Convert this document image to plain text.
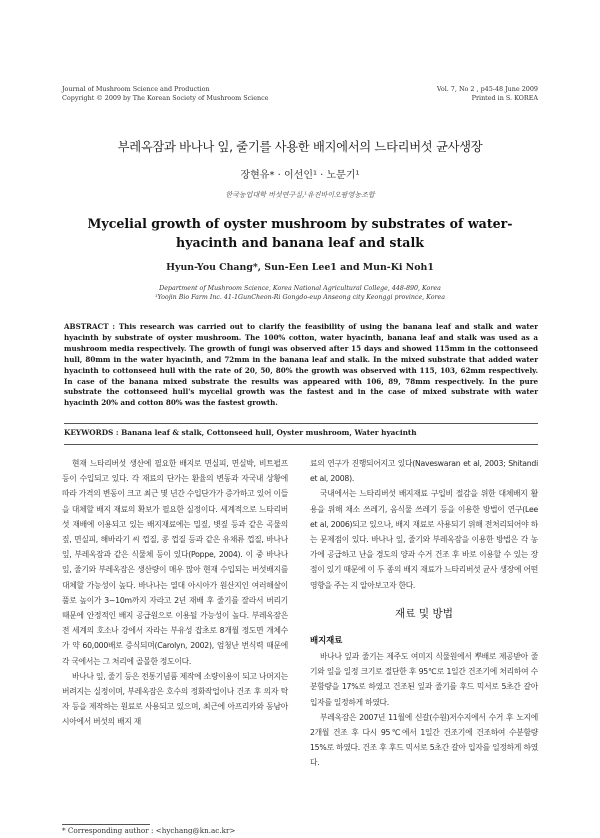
Journal of Mushroom Science and Production
Copyright © 2009 by The Korean Society of Mushroom Science
Vol. 7, No 2 , p45-48 June 2009
Printed in S. KOREA
부레옥잠과 바나나 잎, 줄기를 사용한 배지에서의 느타리버섯 균사생장
장현유* · 이선인¹ · 노문기¹
한국농업대학 버섯연구실,¹유진바이오팜영농조합
Mycelial growth of oyster mushroom by substrates of water-hyacinth and banana leaf and stalk
Hyun-You Chang*, Sun-Een Lee1 and Mun-Ki Noh1
Department of Mushroom Science, Korea National Agricultural College, 448-890, Korea
¹Yoojin Bio Farm Inc. 41-1GunCheon-Ri Gongdo-eup Anseong city Keonggi province, Korea
ABSTRACT : This research was carried out to clarify the feasibility of using the banana leaf and stalk and water hyacinth by substrate of oyster mushroom. The 100% cotton, water hyacinth, banana leaf and stalk was used as a mushroom media respectively. The growth of fungi was observed after 15 days and showed 115mm in the cottonseed hull, 80mm in the water hyacinth, and 72mm in the banana leaf and stalk. In the mixed substrate that added water hyacinth to cottonseed hull with the rate of 20, 50, 80% the growth was observed with 115, 103, 62mm respectively. In case of the banana mixed substrate the results was appeared with 106, 89, 78mm respectively. In the pure substrate the cottonseed hull's mycelial growth was the fastest and in the case of mixed substrate with water hyacinth 20% and cotton 80% was the fastest growth.
KEYWORDS : Banana leaf & stalk, Cottonseed hull, Oyster mushroom, Water hyacinth

현재 느타리버섯 생산에 필요한 배지로 면실피, 면실박, 비트펄프 등이 수입되고 있다. 각 재료의 단가는 환율의 변동과 자국내 상황에 따라 가격의 변동이 크고 최근 몇 년간 수입단가가 증가하고 있어 이들을 대체할 배지 재료의 확보가 필요한 실정이다. 세계적으로 느타리버섯 재배에 이용되고 있는 배지재료에는 밀짚, 볏짚 등과 같은 곡물의 짚, 면실피, 해바라기 씨 껍질, 콩 껍질 등과 같은 유채류 껍질, 바나나 잎, 부레옥잠과 같은 식물체 등이 있다(Poppe, 2004). 이 중 바나나 잎, 줄기와 부레옥잠은 생산량이 매우 많아 현재 수입되는 버섯배지를 대체할 가능성이 높다. 바나나는 열대 아시아가 원산지인 여러해살이풀로 높이가 3~10m까지 자라고 2년 재배 후 줄기를 잘라서 버리기 때문에 안정적인 배지 공급원으로 이용될 가능성이 높다. 부레옥잠은 전 세계의 호소나 강에서 자라는 부유성 잡초로 8개월 정도면 개체수가 약 60,000배로 증식되며(Carolyn, 2002), 엄청난 번식력 때문에 각 국에서는 그 처리에 골몰한 정도이다.

바나나 잎, 줄기 등은 전통기념품 제작에 소량이용이 되고 나머지는 버려지는 실정이며, 부레옥잠은 호수의 정화작업이나 건조 후 의자 탁자 등을 제작하는 원료로 사용되고 있으며, 최근에 아프리카와 동남아시아에서 버섯의 배지 재

료의 연구가 진행되어지고 있다(Naveswaran et al, 2003; Shitandi et al, 2008).

국내에서는 느타리버섯 배지재료 구입비 절감을 위한 대체배지 활용을 위해 채소 쓰레기, 음식물 쓰레기 등을 이용한 방법이 연구(Lee et al, 2006)되고 있으나, 배지 재료로 사용되기 위해 전처리되어야 하는 문제점이 있다. 바나나 잎, 줄기와 부레옥잠을 이용한 방법은 각 농가에 공급하고 난을 경도의 양과 수거 건조 후 바로 이용할 수 있는 장점이 있기 때문에 이 두 종의 배지 재료가 느타리버섯 균사 생장에 어떤 영향을 주는 지 알아보고자 한다.

재료 및 방법
배지재료

바나나 잎과 줄기는 제주도 여미지 식물원에서 뿌배로 제공받아 줄기와 잎을 일정 크기로 절단한 후 95℃로 1일간 건조기에 처리하여 수분함량을 17%로 하였고 건조된 잎과 줄기를 후드 믹서로 5초간 갈아 입자를 일정하게 하였다.

부레옥잠은 2007년 11월에 신갈(수원)저수지에서 수거 후 노지에 2개월 건조 후 다시 95℃에서 1일간 건조기에 건조하여 수분함량 15%로 하였다. 건조 후 후드 믹서로 5초간 갈아 입자를 일정하게 하였다.

* Corresponding author : <hychang@kn.ac.kr>
